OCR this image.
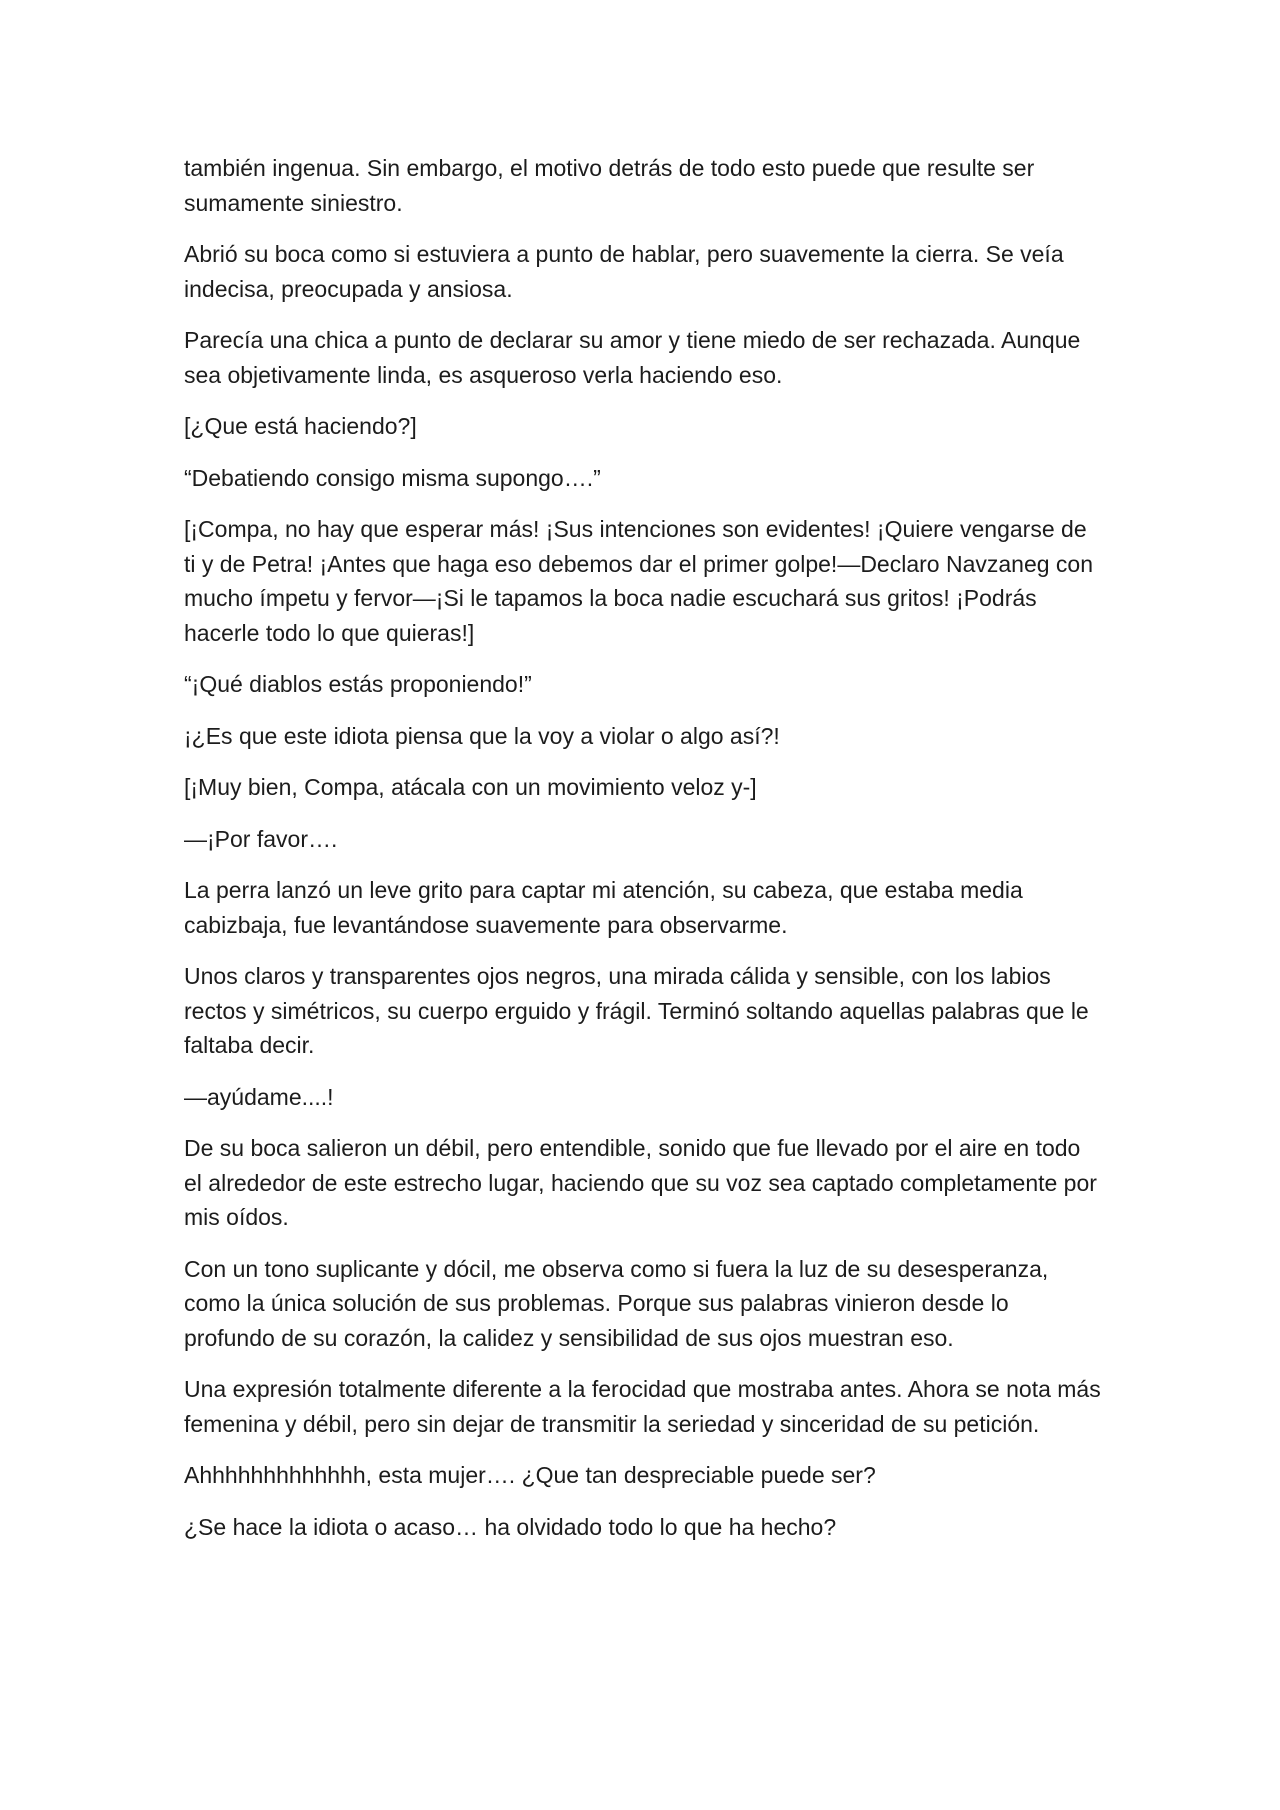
también ingenua. Sin embargo, el motivo detrás de todo esto puede que resulte ser sumamente siniestro.

Abrió su boca como si estuviera a punto de hablar, pero suavemente la cierra. Se veía indecisa, preocupada y ansiosa.

Parecía una chica a punto de declarar su amor y tiene miedo de ser rechazada. Aunque sea objetivamente linda, es asqueroso verla haciendo eso.

[¿Que está haciendo?]

“Debatiendo consigo misma supongo….”

[¡Compa, no hay que esperar más! ¡Sus intenciones son evidentes! ¡Quiere vengarse de ti y de Petra! ¡Antes que haga eso debemos dar el primer golpe!—Declaro Navzaneg con mucho ímpetu y fervor—¡Si le tapamos la boca nadie escuchará sus gritos! ¡Podrás hacerle todo lo que quieras!]

“¡Qué diablos estás proponiendo!”

¡¿Es que este idiota piensa que la voy a violar o algo así?!

[¡Muy bien, Compa, atácala con un movimiento veloz y-]

—¡Por favor….

La perra lanzó un leve grito para captar mi atención, su cabeza, que estaba media cabizbaja, fue levantándose suavemente para observarme.

Unos claros y transparentes ojos negros, una mirada cálida y sensible, con los labios rectos y simétricos, su cuerpo erguido y frágil. Terminó soltando aquellas palabras que le faltaba decir.

—ayúdame....!

De su boca salieron un débil, pero entendible, sonido que fue llevado por el aire en todo el alrededor de este estrecho lugar, haciendo que su voz sea captado completamente por mis oídos.

Con un tono suplicante y dócil, me observa como si fuera la luz de su desesperanza, como la única solución de sus problemas. Porque sus palabras vinieron desde lo profundo de su corazón, la calidez y sensibilidad de sus ojos muestran eso.

Una expresión totalmente diferente a la ferocidad que mostraba antes. Ahora se nota más femenina y débil, pero sin dejar de transmitir la seriedad y sinceridad de su petición.

Ahhhhhhhhhhhhh, esta mujer…. ¿Que tan despreciable puede ser?

¿Se hace la idiota o acaso… ha olvidado todo lo que ha hecho?
